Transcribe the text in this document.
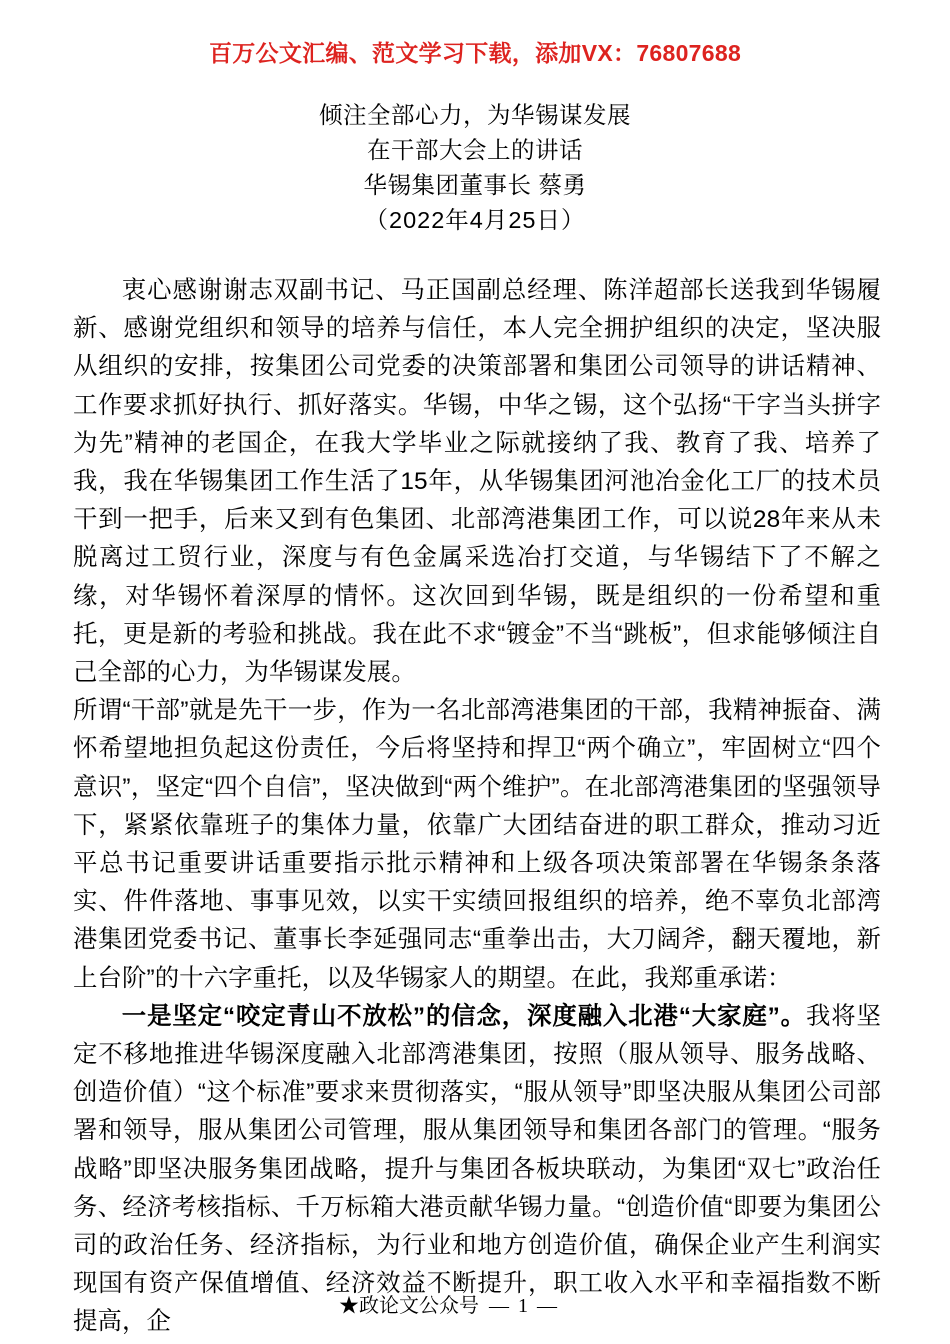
百万公文汇编、范文学习下载，添加VX：76807688
倾注全部心力，为华锡谋发展
在干部大会上的讲话
华锡集团董事长 蔡勇
（2022年4月25日）

衷心感谢谢志双副书记、马正国副总经理、陈洋超部长送我到华锡履新、感谢党组织和领导的培养与信任，本人完全拥护组织的决定，坚决服从组织的安排，按集团公司党委的决策部署和集团公司领导的讲话精神、工作要求抓好执行、抓好落实。华锡，中华之锡，这个弘扬“干字当头拼字为先”精神的老国企，在我大学毕业之际就接纳了我、教育了我、培养了我，我在华锡集团工作生活了15年，从华锡集团河池冶金化工厂的技术员干到一把手，后来又到有色集团、北部湾港集团工作，可以说28年来从未脱离过工贸行业，深度与有色金属采选冶打交道，与华锡结下了不解之缘，对华锡怀着深厚的情怀。这次回到华锡，既是组织的一份希望和重托，更是新的考验和挑战。我在此不求“镀金”不当“跳板”，但求能够倾注自己全部的心力，为华锡谋发展。

所谓“干部”就是先干一步，作为一名北部湾港集团的干部，我精神振奋、满怀希望地担负起这份责任，今后将坚持和捍卫“两个确立”，牢固树立“四个意识”，坚定“四个自信”，坚决做到“两个维护”。在北部湾港集团的坚强领导下，紧紧依靠班子的集体力量，依靠广大团结奋进的职工群众，推动习近平总书记重要讲话重要指示批示精神和上级各项决策部署在华锡条条落实、件件落地、事事见效，以实干实绩回报组织的培养，绝不辜负北部湾港集团党委书记、董事长李延强同志“重拳出击，大刀阔斧，翻天覆地，新上台阶”的十六字重托，以及华锡家人的期望。在此，我郑重承诺：

一是坚定“咬定青山不放松”的信念，深度融入北港“大家庭”。我将坚定不移地推进华锡深度融入北部湾港集团，按照（服从领导、服务战略、创造价值）“这个标准”要求来贯彻落实，“服从领导”即坚决服从集团公司部署和领导，服从集团公司管理，服从集团领导和集团各部门的管理。“服务战略”即坚决服务集团战略，提升与集团各板块联动，为集团“双七”政治任务、经济考核指标、千万标箱大港贡献华锡力量。“创造价值“即要为集团公司的政治任务、经济指标，为行业和地方创造价值，确保企业产生利润实现国有资产保值增值、经济效益不断提升，职工收入水平和幸福指数不断提高，企

★政论文公众号 — 1 —
